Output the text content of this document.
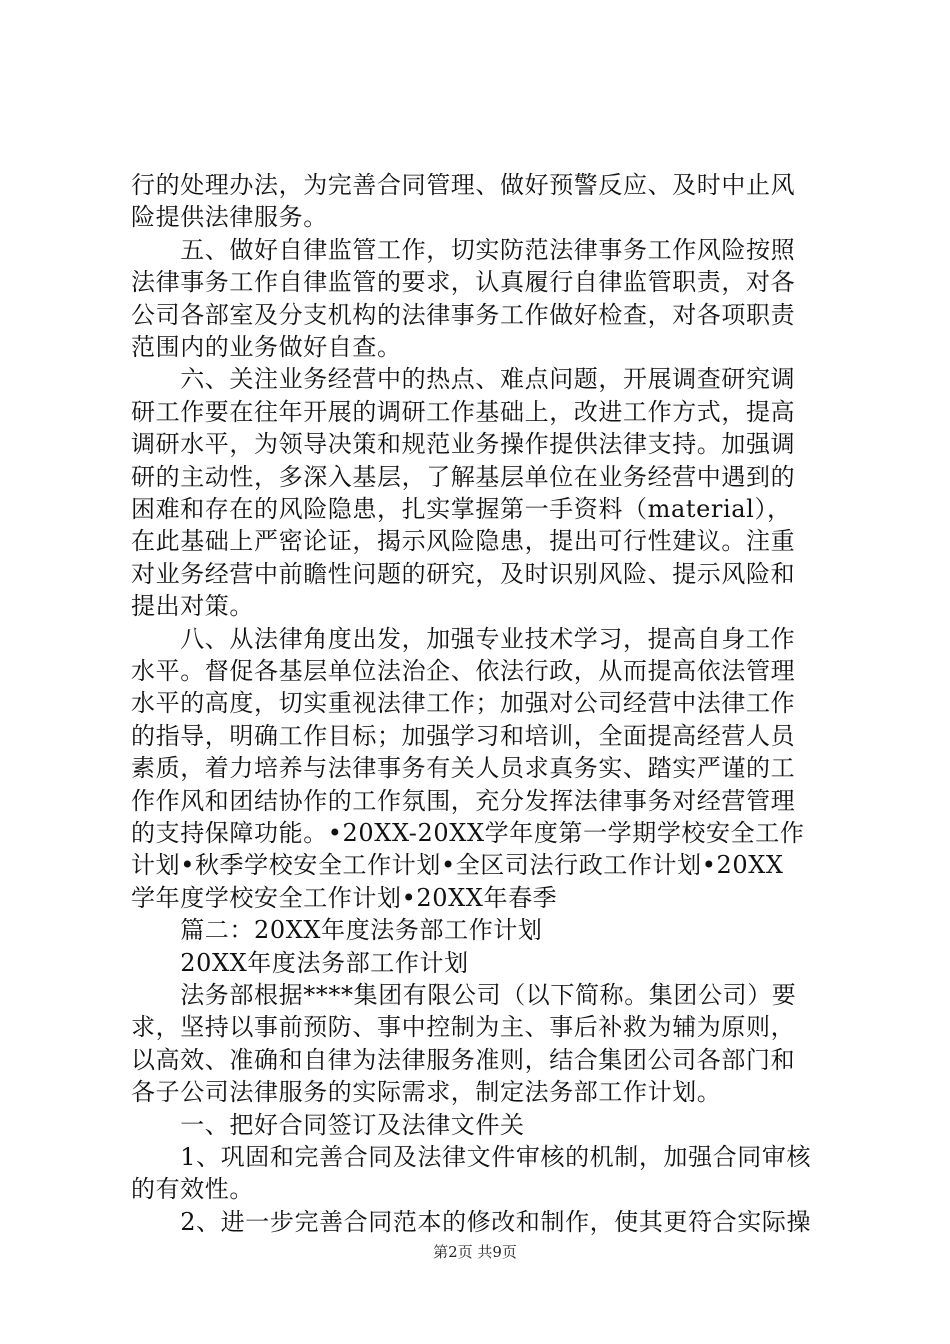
行的处理办法，为完善合同管理、做好预警反应、及时中止风
险提供法律服务。
　　五、做好自律监管工作，切实防范法律事务工作风险按照
法律事务工作自律监管的要求，认真履行自律监管职责，对各
公司各部室及分支机构的法律事务工作做好检查，对各项职责
范围内的业务做好自查。
　　六、关注业务经营中的热点、难点问题，开展调查研究调
研工作要在往年开展的调研工作基础上，改进工作方式，提高
调研水平，为领导决策和规范业务操作提供法律支持。加强调
研的主动性，多深入基层，了解基层单位在业务经营中遇到的
困难和存在的风险隐患，扎实掌握第一手资料（material），
在此基础上严密论证，揭示风险隐患，提出可行性建议。注重
对业务经营中前瞻性问题的研究，及时识别风险、提示风险和
提出对策。
　　八、从法律角度出发，加强专业技术学习，提高自身工作
水平。督促各基层单位法治企、依法行政，从而提高依法管理
水平的高度，切实重视法律工作；加强对公司经营中法律工作
的指导，明确工作目标；加强学习和培训，全面提高经营人员
素质，着力培养与法律事务有关人员求真务实、踏实严谨的工
作作风和团结协作的工作氛围，充分发挥法律事务对经营管理
的支持保障功能。•20XX-20XX学年度第一学期学校安全工作
计划•秋季学校安全工作计划•全区司法行政工作计划•20XX
学年度学校安全工作计划•20XX年春季
　　篇二：20XX年度法务部工作计划
　　20XX年度法务部工作计划
　　法务部根据****集团有限公司（以下简称。集团公司）要
求，坚持以事前预防、事中控制为主、事后补救为辅为原则，
以高效、准确和自律为法律服务准则，结合集团公司各部门和
各子公司法律服务的实际需求，制定法务部工作计划。
　　一、把好合同签订及法律文件关
　　1、巩固和完善合同及法律文件审核的机制，加强合同审核
的有效性。
　　2、进一步完善合同范本的修改和制作，使其更符合实际操
第2页 共9页
